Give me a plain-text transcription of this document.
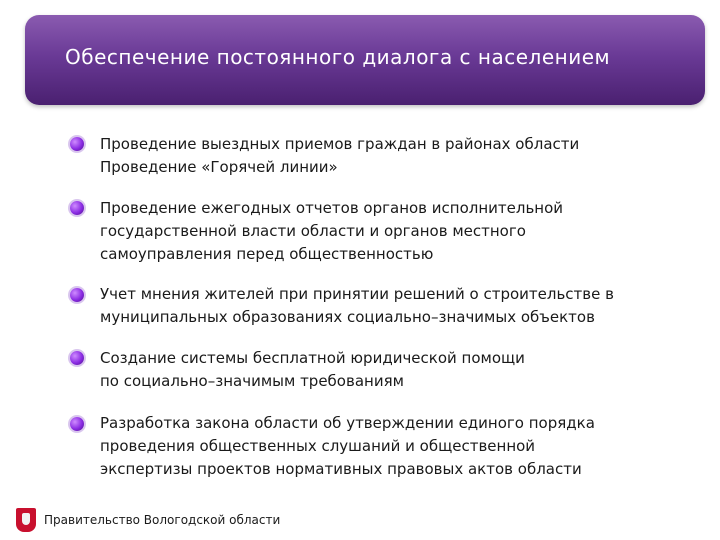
Обеспечение постоянного диалога с населением
Проведение выездных приемов граждан в районах области
Проведение «Горячей линии»
Проведение ежегодных отчетов органов исполнительной
государственной власти области и органов местного
самоуправления перед общественностью
Учет мнения жителей при принятии решений о строительстве в
муниципальных образованиях социально–значимых объектов
Создание системы бесплатной юридической помощи
по социально–значимым требованиям
Разработка закона области об утверждении единого порядка
проведения общественных слушаний и общественной
экспертизы проектов нормативных правовых актов области
Правительство Вологодской области
